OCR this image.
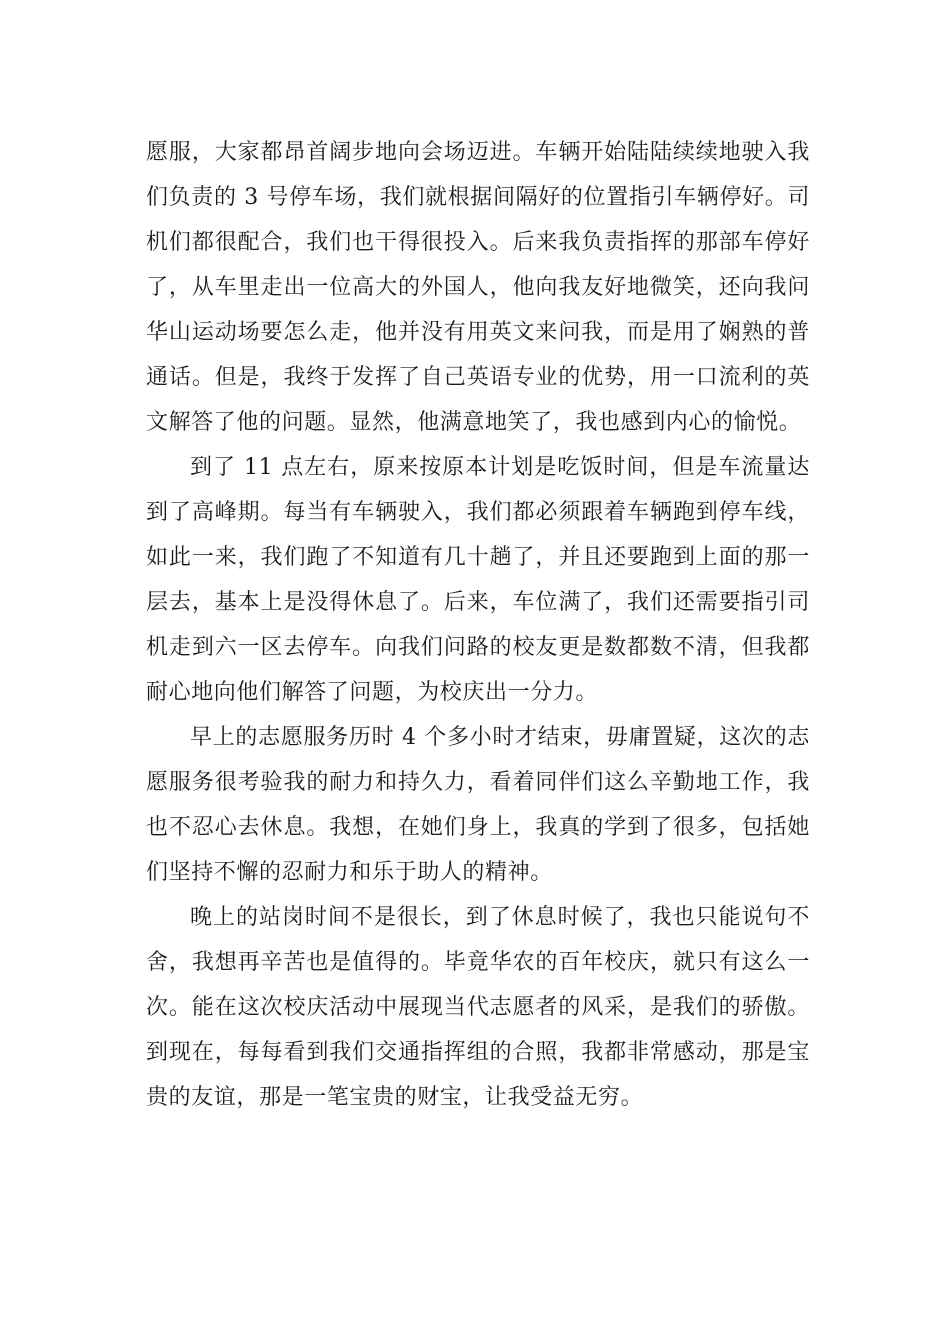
愿服，大家都昂首阔步地向会场迈进。车辆开始陆陆续续地驶入我们负责的 3 号停车场，我们就根据间隔好的位置指引车辆停好。司机们都很配合，我们也干得很投入。后来我负责指挥的那部车停好了，从车里走出一位高大的外国人，他向我友好地微笑，还向我问华山运动场要怎么走，他并没有用英文来问我，而是用了娴熟的普通话。但是，我终于发挥了自己英语专业的优势，用一口流利的英文解答了他的问题。显然，他满意地笑了，我也感到内心的愉悦。

到了 11 点左右，原来按原本计划是吃饭时间，但是车流量达到了高峰期。每当有车辆驶入，我们都必须跟着车辆跑到停车线，如此一来，我们跑了不知道有几十趟了，并且还要跑到上面的那一层去，基本上是没得休息了。后来，车位满了，我们还需要指引司机走到六一区去停车。向我们问路的校友更是数都数不清，但我都耐心地向他们解答了问题，为校庆出一分力。

早上的志愿服务历时 4 个多小时才结束，毋庸置疑，这次的志愿服务很考验我的耐力和持久力，看着同伴们这么辛勤地工作，我也不忍心去休息。我想，在她们身上，我真的学到了很多，包括她们坚持不懈的忍耐力和乐于助人的精神。

晚上的站岗时间不是很长，到了休息时候了，我也只能说句不舍，我想再辛苦也是值得的。毕竟华农的百年校庆，就只有这么一次。能在这次校庆活动中展现当代志愿者的风采，是我们的骄傲。到现在，每每看到我们交通指挥组的合照，我都非常感动，那是宝贵的友谊，那是一笔宝贵的财宝，让我受益无穷。
